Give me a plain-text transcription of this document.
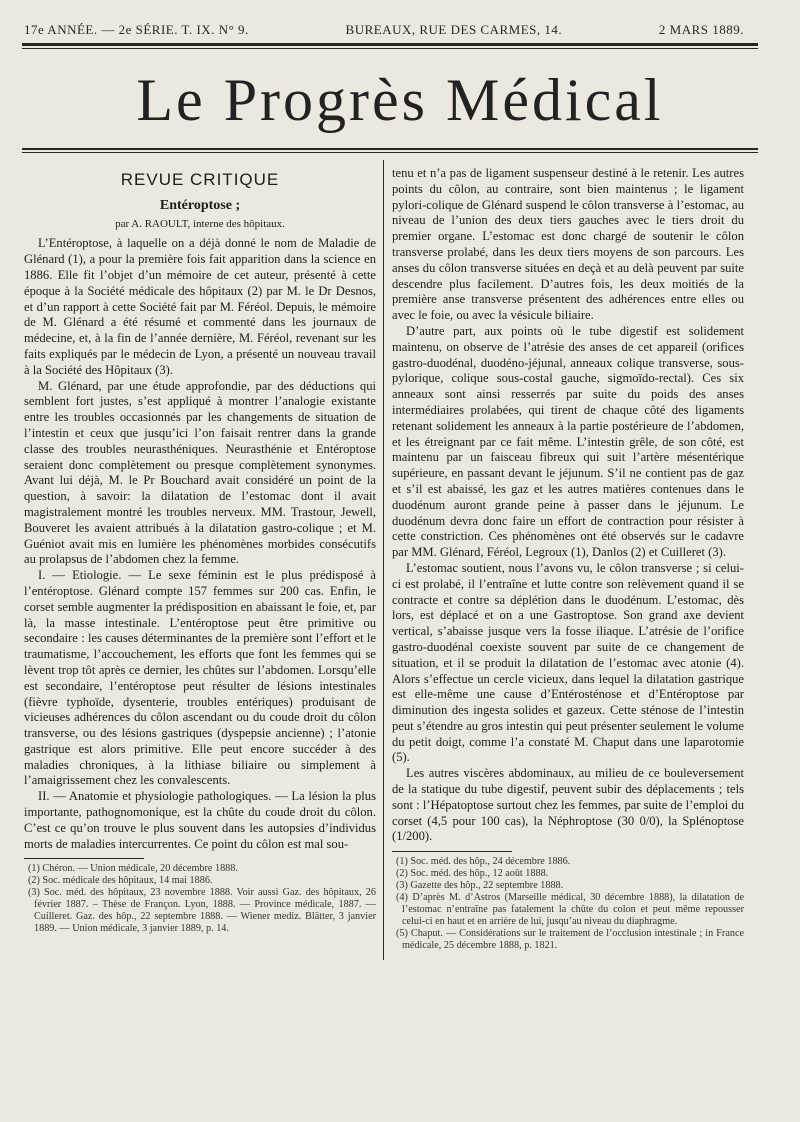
17e ANNÉE. — 2e SÉRIE. T. IX. N° 9.	BUREAUX, RUE DES CARMES, 14.	2 MARS 1889.
Le Progrès Médical
REVUE CRITIQUE
Entéroptose ;
par A. RAOULT, interne des hôpitaux.

L’Entéroptose, à laquelle on a déjà donné le nom de Maladie de Glénard (1), a pour la première fois fait apparition dans la science en 1886. Elle fit l’objet d’un mémoire de cet auteur, présenté à cette époque à la Société médicale des hôpitaux (2) par M. le Dr Desnos, et d’un rapport à cette Société fait par M. Féréol. Depuis, le mémoire de M. Glénard a été résumé et commenté dans les journaux de médecine, et, à la fin de l’année dernière, M. Féréol, revenant sur les faits expliqués par le médecin de Lyon, a présenté un nouveau travail à la Société des Hôpitaux (3).

M. Glénard, par une étude approfondie, par des déductions qui semblent fort justes, s’est appliqué à montrer l’analogie existante entre les troubles occasionnés par les changements de situation de l’intestin et ceux que jusqu’ici l’on faisait rentrer dans la grande classe des troubles neurasthéniques. Neurasthénie et Entéroptose seraient donc complètement ou presque complètement synonymes. Avant lui déjà, M. le Pr Bouchard avait considéré un point de la question, à savoir: la dilatation de l’estomac dont il avait magistralement montré les troubles nerveux. MM. Trastour, Jewell, Bouveret les avaient attribués à la dilatation gastro-colique ; et M. Guéniot avait mis en lumière les phénomènes morbides consécutifs au prolapsus de l’abdomen chez la femme.

I. — Etiologie. — Le sexe féminin est le plus prédisposé à l’entéroptose. Glénard compte 157 femmes sur 200 cas. Enfin, le corset semble augmenter la prédisposition en abaissant le foie, et, par là, la masse intestinale. L’entéroptose peut être primitive ou secondaire : les causes déterminantes de la première sont l’effort et le traumatisme, l’accouchement, les efforts que font les femmes qui se lèvent trop tôt après ce dernier, les chûtes sur l’abdomen. Lorsqu’elle est secondaire, l’entéroptose peut résulter de lésions intestinales (fièvre typhoïde, dysenterie, troubles entériques) produisant de vicieuses adhérences du côlon ascendant ou du coude droit du côlon transverse, ou des lésions gastriques (dyspepsie ancienne) ; l’atonie gastrique est alors primitive. Elle peut encore succéder à des maladies chroniques, à la lithiase biliaire ou simplement à l’amaigrissement chez les convalescents.

II. — Anatomie et physiologie pathologiques. — La lésion la plus importante, pathognomonique, est la chûte du coude droit du côlon. C’est ce qu’on trouve le plus souvent dans les autopsies d’individus morts de maladies intercurrentes. Ce point du côlon est mal sou-

(1) Chéron. — Union médicale, 20 décembre 1888.
(2) Soc. médicale des hôpitaux, 14 mai 1886.
(3) Soc. méd. des hôpitaux, 23 novembre 1888. Voir aussi Gaz. des hôpitaux, 26 février 1887. – Thèse de Françon. Lyon, 1888. — Province médicale, 1887. — Cuilleret. Gaz. des hôp., 22 septembre 1888. — Wiener mediz. Blätter, 3 janvier 1889. — Union médicale, 3 janvier 1889, p. 14.

tenu et n’a pas de ligament suspenseur destiné à le retenir. Les autres points du côlon, au contraire, sont bien maintenus ; le ligament pylori-colique de Glénard suspend le côlon transverse à l’estomac, au niveau de l’union des deux tiers gauches avec le tiers droit du premier organe. L’estomac est donc chargé de soutenir le côlon transverse prolabé, dans les deux tiers moyens de son parcours. Les anses du côlon transverse situées en deçà et au delà peuvent par suite descendre plus facilement. D’autres fois, les deux moitiés de la première anse transverse présentent des adhérences entre elles ou avec le foie, ou avec la vésicule biliaire.

D’autre part, aux points où le tube digestif est solidement maintenu, on observe de l’atrésie des anses de cet appareil (orifices gastro-duodénal, duodéno-jéjunal, anneaux colique transverse, sous-pylorique, colique sous-costal gauche, sigmoïdo-rectal). Ces six anneaux sont ainsi resserrés par suite du poids des anses intermédiaires prolabées, qui tirent de chaque côté des ligaments retenant solidement les anneaux à la partie postérieure de l’abdomen, et les étreignant par ce fait même. L’intestin grêle, de son côté, est maintenu par un faisceau fibreux qui suit l’artère mésentérique supérieure, en passant devant le jéjunum. S’il ne contient pas de gaz et s’il est abaissé, les gaz et les autres matières contenues dans le duodénum auront grande peine à passer dans le jéjunum. Le duodénum devra donc faire un effort de contraction pour résister à cette constriction. Ces phénomènes ont été observés sur le cadavre par MM. Glénard, Féréol, Legroux (1), Danlos (2) et Cuilleret (3).

L’estomac soutient, nous l’avons vu, le côlon transverse ; si celui-ci est prolabé, il l’entraîne et lutte contre son relèvement quand il se contracte et contre sa déplétion dans le duodénum. L’estomac, dès lors, est déplacé et on a une Gastroptose. Son grand axe devient vertical, s’abaisse jusque vers la fosse iliaque. L’atrésie de l’orifice gastro-duodénal coexiste souvent par suite de ce changement de situation, et il se produit la dilatation de l’estomac avec atonie (4). Alors s’effectue un cercle vicieux, dans lequel la dilatation gastrique est elle-même une cause d’Entérosténose et d’Entéroptose par diminution des ingesta solides et gazeux. Cette sténose de l’intestin peut s’étendre au gros intestin qui peut présenter seulement le volume du petit doigt, comme l’a constaté M. Chaput dans une laparotomie (5).

Les autres viscères abdominaux, au milieu de ce bouleversement de la statique du tube digestif, peuvent subir des déplacements ; tels sont : l’Hépatoptose surtout chez les femmes, par suite de l’emploi du corset (4,5 pour 100 cas), la Néphroptose (30 0/0), la Splénoptose (1/200).

(1) Soc. méd. des hôp., 24 décembre 1886.
(2) Soc. méd. des hôp., 12 août 1888.
(3) Gazette des hôp., 22 septembre 1888.
(4) D’après M. d’Astros (Marseille médical, 30 décembre 1888), la dilatation de l’estomac n’entraîne pas fatalement la chûte du colon et peut même repousser celui-ci en haut et en arrière de lui, jusqu’au niveau du diaphragme.
(5) Chaput. — Considérations sur le traitement de l’occlusion intestinale ; in France médicale, 25 décembre 1888, p. 1821.
